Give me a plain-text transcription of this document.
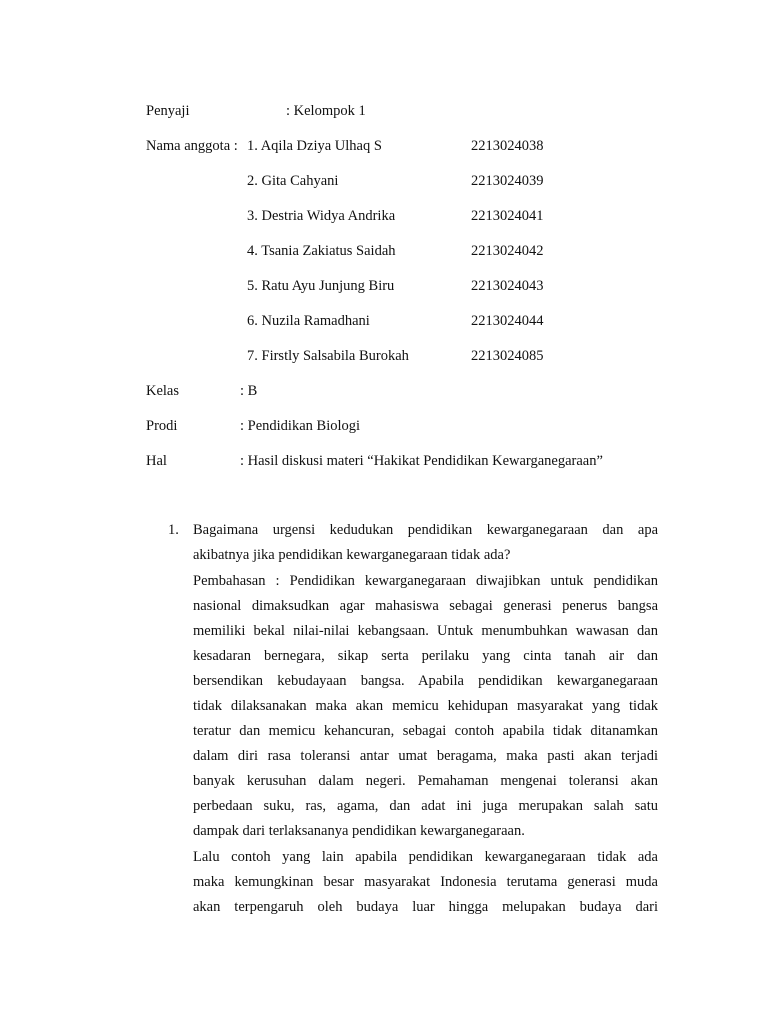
Penyaji	: Kelompok 1
Nama anggota : 1. Aqila Dziya Ulhaq S	2213024038
2. Gita Cahyani	2213024039
3. Destria Widya Andrika	2213024041
4. Tsania Zakiatus Saidah	2213024042
5. Ratu Ayu Junjung Biru	2213024043
6. Nuzila Ramadhani	2213024044
7. Firstly Salsabila Burokah	2213024085
Kelas	: B
Prodi	: Pendidikan Biologi
Hal	: Hasil diskusi materi “Hakikat Pendidikan Kewarganegaraan”
1. Bagaimana urgensi kedudukan pendidikan kewarganegaraan dan apa
akibatnya jika pendidikan kewarganegaraan tidak ada?
Pembahasan : Pendidikan kewarganegaraan diwajibkan untuk pendidikan
nasional dimaksudkan agar mahasiswa sebagai generasi penerus bangsa
memiliki bekal nilai-nilai kebangsaan. Untuk menumbuhkan wawasan dan
kesadaran bernegara, sikap serta perilaku yang cinta tanah air dan
bersendikan kebudayaan bangsa. Apabila pendidikan kewarganegaraan
tidak dilaksanakan maka akan memicu kehidupan masyarakat yang tidak
teratur dan memicu kehancuran, sebagai contoh apabila tidak ditanamkan
dalam diri rasa toleransi antar umat beragama, maka pasti akan terjadi
banyak kerusuhan dalam negeri. Pemahaman mengenai toleransi akan
perbedaan suku, ras, agama, dan adat ini juga merupakan salah satu
dampak dari terlaksananya pendidikan kewarganegaraan.
Lalu contoh yang lain apabila pendidikan kewarganegaraan tidak ada
maka kemungkinan besar masyarakat Indonesia terutama generasi muda
akan terpengaruh oleh budaya luar hingga melupakan budaya dari
